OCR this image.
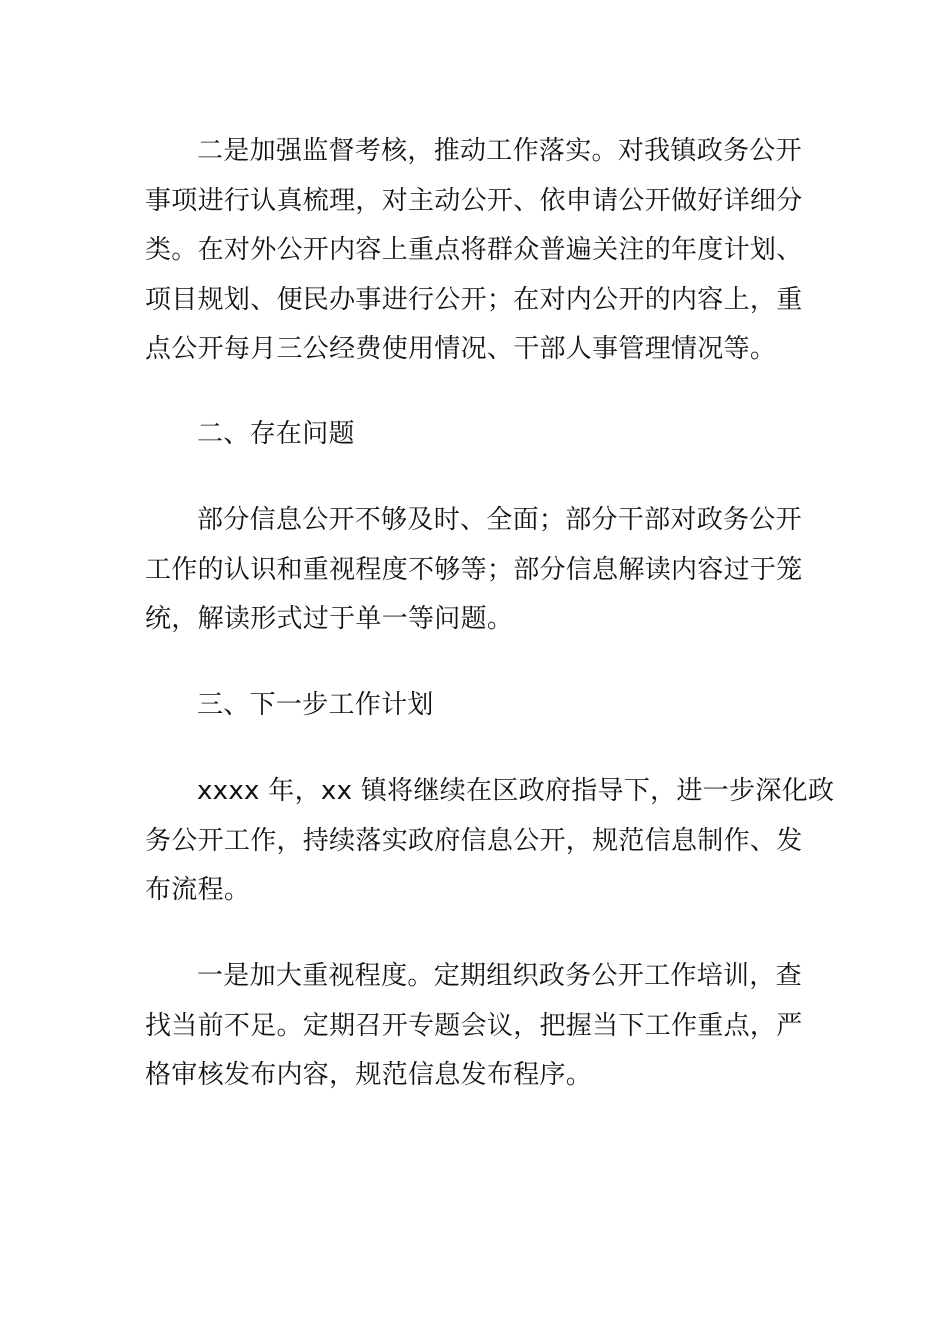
二是加强监督考核，推动工作落实。对我镇政务公开
事项进行认真梳理，对主动公开、依申请公开做好详细分
类。在对外公开内容上重点将群众普遍关注的年度计划、
项目规划、便民办事进行公开；在对内公开的内容上，重
点公开每月三公经费使用情况、干部人事管理情况等。
二、存在问题
部分信息公开不够及时、全面；部分干部对政务公开
工作的认识和重视程度不够等；部分信息解读内容过于笼
统，解读形式过于单一等问题。
三、下一步工作计划
xxxx 年，xx 镇将继续在区政府指导下，进一步深化政
务公开工作，持续落实政府信息公开，规范信息制作、发
布流程。
一是加大重视程度。定期组织政务公开工作培训，查
找当前不足。定期召开专题会议，把握当下工作重点，严
格审核发布内容，规范信息发布程序。
